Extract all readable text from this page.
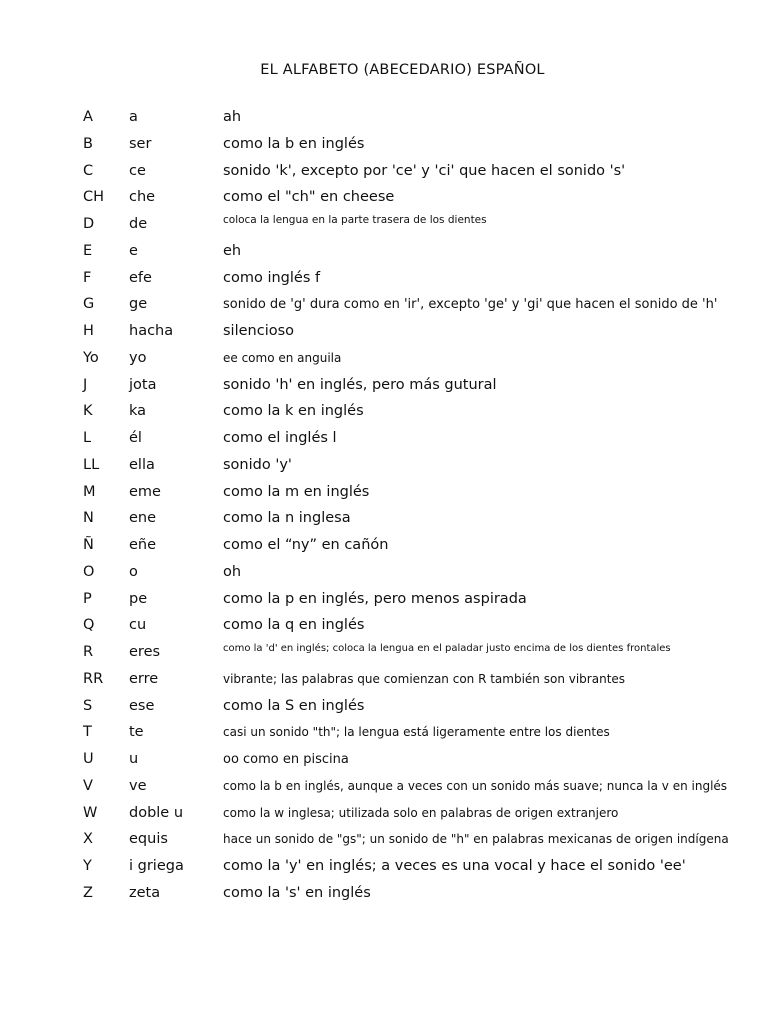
EL ALFABETO (ABECEDARIO) ESPAÑOL
A a	ah
B ser	como la b en inglés
C ce	sonido 'k', excepto por 'ce' y 'ci' que hacen el sonido 's'
CH che	como el "ch" en cheese
D de	coloca la lengua en la parte trasera de los dientes
E	e	eh
F	efe	como inglés f
G ge	sonido de 'g' dura como en 'ir', excepto 'ge' y 'gi' que hacen el sonido de 'h'
H hacha	silencioso
Yo yo	ee como en anguila
J	jota	sonido 'h' en inglés, pero más gutural
K	ka	como la k en inglés
L	él	como el inglés l
LL ella	sonido 'y'
M eme	como la m en inglés
N ene	como la n inglesa
Ñ eñe	como el “ny” en cañón
O o	oh
P	pe	como la p en inglés, pero menos aspirada
Q cu	como la q en inglés
R eres	como la 'd' en inglés; coloca la lengua en el paladar justo encima de los dientes frontales
RR erre	vibrante; las palabras que comienzan con R también son vibrantes
S	ese	como la S en inglés
T	te	casi un sonido "th"; la lengua está ligeramente entre los dientes
U u	oo como en piscina
V ve	como la b en inglés, aunque a veces con un sonido más suave; nunca la v en inglés
W doble u	como la w inglesa; utilizada solo en palabras de origen extranjero
X equis	hace un sonido de "gs"; un sonido de "h" en palabras mexicanas de origen indígena
Y	i griega	como la 'y' en inglés; a veces es una vocal y hace el sonido 'ee'
Z zeta	como la 's' en inglés
